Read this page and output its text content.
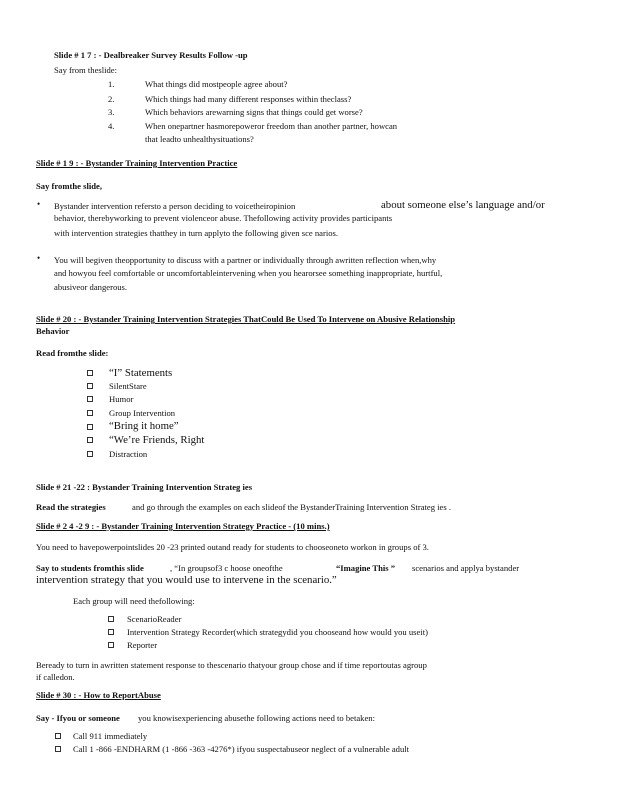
Slide # 1 7 : - Dealbreaker Survey Results Follow -up
Say from theslide:
1.	What things did mostpeople agree about?
2.	Which things had many different responses within theclass?
3.	Which behaviors arewarning signs that things could get worse?
4.	When onepartner hasmorepoweror freedom than another partner, howcan
that leadto unhealthysituations?
Slide # 1 9 : - Bystander Training Intervention Practice
Say fromthe slide,
• Bystander intervention refersto a person deciding to voicetheiropinion	about someone else’s language and/or
behavior, therebyworking to prevent violenceor abuse. Thefollowing activity provides participants
with intervention strategies thatthey in turn applyto the following given sce narios.
• You will begiven theopportunity to discuss with a partner or individually through awritten reflection when,why
and howyou feel comfortable or uncomfortableintervening when you hearorsee something inappropriate, hurtful,
abusiveor dangerous.
Slide # 20 : - Bystander Training Intervention Strategies ThatCould Be Used To Intervene on Abusive Relationship
Behavior
Read fromthe slide:
“I” Statements
SilentStare
Humor
Group Intervention
“Bring it home”
“We’re Friends, Right
Distraction
Slide # 21 -22 : Bystander Training Intervention Strateg ies
Read the strategies	and go through the examples on each slideof the BystanderTraining Intervention Strateg ies .
Slide # 2 4 -2 9 : - Bystander Training Intervention Strategy Practice - (10 mins.)
You need to havepowerpointslides 20 -23 printed outand ready for students to chooseoneto workon in groups of 3.
Say to students fromthis slide	, “In groupsof3 c hoose oneofthe	“Imagine This ” scenarios and applya bystander
intervention strategy that you would use to intervene in the scenario.”
Each group will need thefollowing:
ScenarioReader
Intervention Strategy Recorder(which strategydid you chooseand how would you useit)
Reporter
Beready to turn in awritten statement response to thescenario thatyour group chose and if time reportoutas agroup
if calledon.
Slide # 30 : - How to ReportAbuse
Say - Ifyou or someone you knowisexperiencing abusethe following actions need to betaken:
Call 911 immediately
Call 1 -866 -ENDHARM (1 -866 -363 -4276*) ifyou suspectabuseor neglect of a vulnerable adult
